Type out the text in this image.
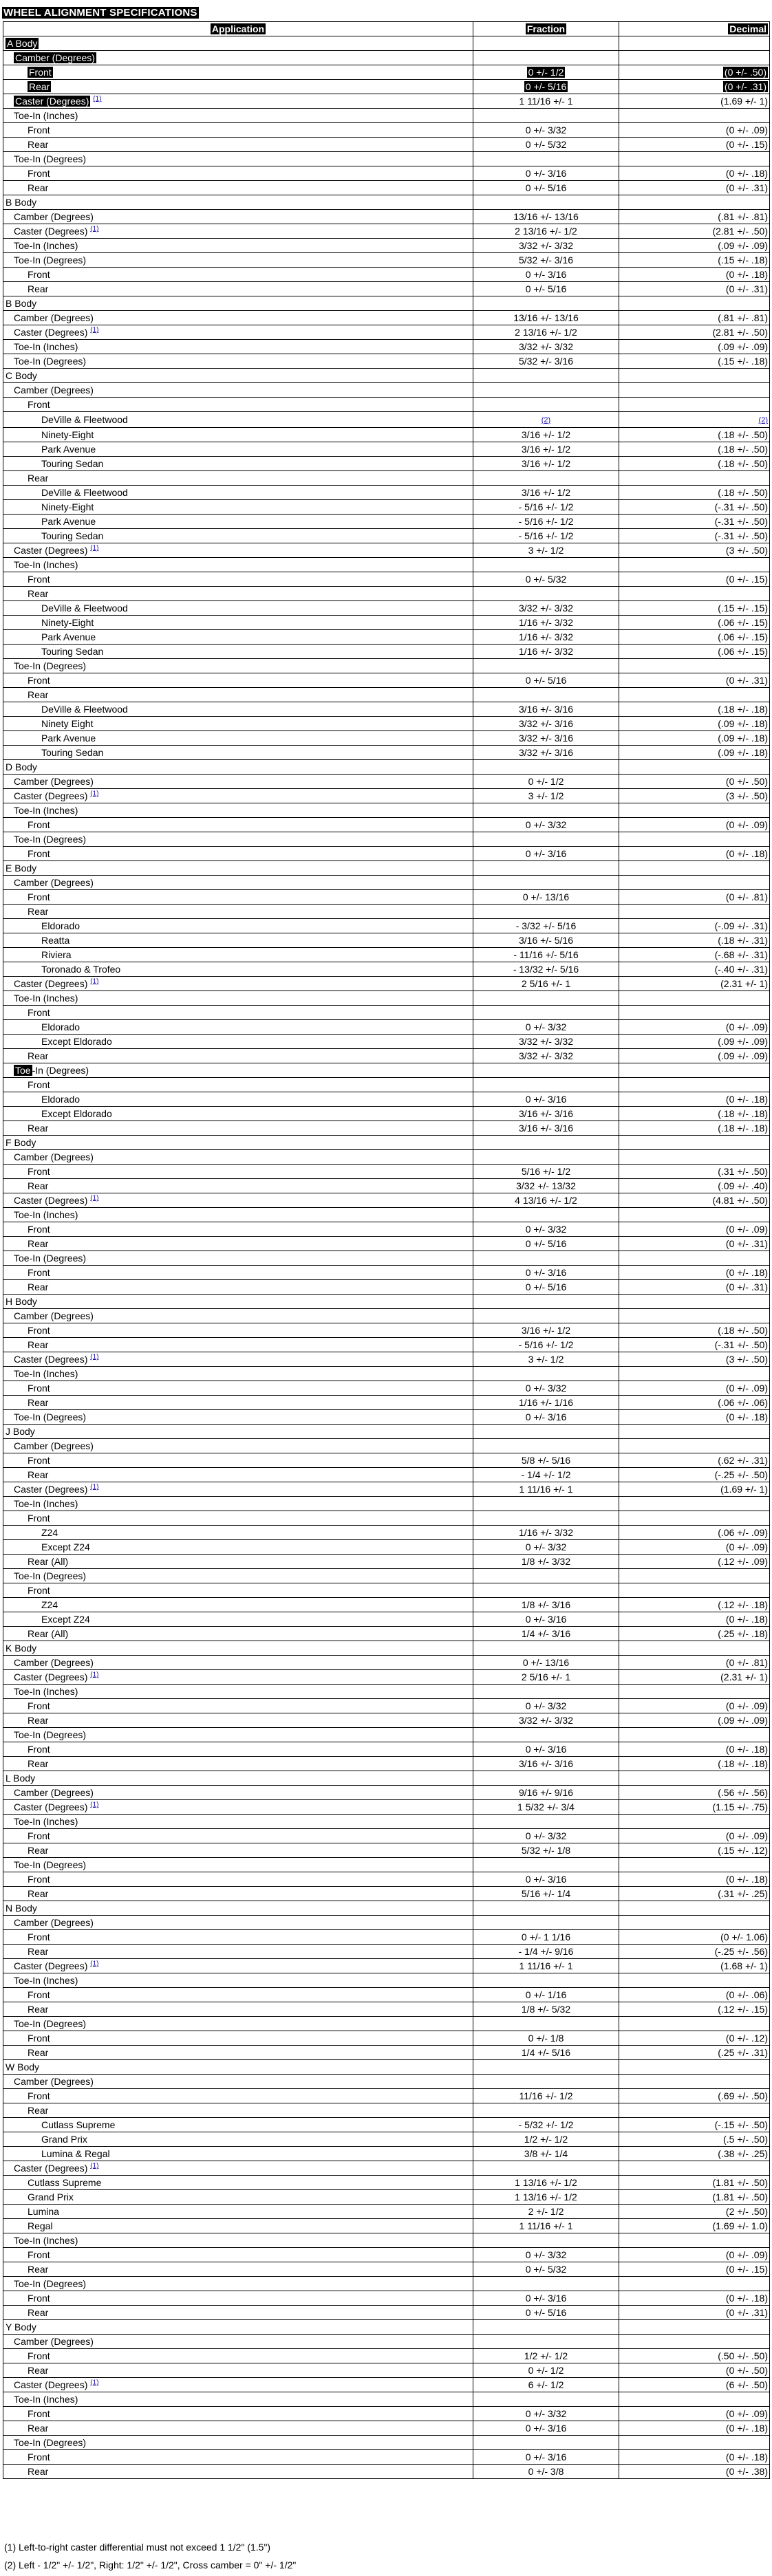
WHEEL ALIGNMENT SPECIFICATIONS
Application	Fraction	Decimal
A Body		
Camber (Degrees)		
Front	0 +/- 1/2	(0 +/- .50)
Rear	0 +/- 5/16	(0 +/- .31)
Caster (Degrees) $^{(1)}$	1 11/16 +/- 1	(1.69 +/- 1)
Toe-In (Inches)		
Front	0 +/- 3/32	(0 +/- .09)
Rear	0 +/- 5/32	(0 +/- .15)
Toe-In (Degrees)		
Front	0 +/- 3/16	(0 +/- .18)
Rear	0 +/- 5/16	(0 +/- .31)
B Body		
Camber (Degrees)	13/16 +/- 13/16	(.81 +/- .81)
Caster (Degrees) $^{(1)}$	2 13/16 +/- 1/2	(2.81 +/- .50)
Toe-In (Inches)	3/32 +/- 3/32	(.09 +/- .09)
Toe-In (Degrees)	5/32 +/- 3/16	(.15 +/- .18)
Front	0 +/- 3/16	(0 +/- .18)
Rear	0 +/- 5/16	(0 +/- .31)
B Body		
Camber (Degrees)	13/16 +/- 13/16	(.81 +/- .81)
Caster (Degrees) $^{(1)}$	2 13/16 +/- 1/2	(2.81 +/- .50)
Toe-In (Inches)	3/32 +/- 3/32	(.09 +/- .09)
Toe-In (Degrees)	5/32 +/- 3/16	(.15 +/- .18)
C Body		
Camber (Degrees)		
Front		
DeVille & Fleetwood	(2)	(2)
Ninety-Eight	3/16 +/- 1/2	(.18 +/- .50)
Park Avenue	3/16 +/- 1/2	(.18 +/- .50)
Touring Sedan	3/16 +/- 1/2	(.18 +/- .50)
Rear		
DeVille & Fleetwood	3/16 +/- 1/2	(.18 +/- .50)
Ninety-Eight	- 5/16 +/- 1/2	(-.31 +/- .50)
Park Avenue	- 5/16 +/- 1/2	(-.31 +/- .50)
Touring Sedan	- 5/16 +/- 1/2	(-.31 +/- .50)
Caster (Degrees) $^{(1)}$	3 +/- 1/2	(3 +/- .50)
Toe-In (Inches)		
Front	0 +/- 5/32	(0 +/- .15)
Rear		
DeVille & Fleetwood	3/32 +/- 3/32	(.15 +/- .15)
Ninety-Eight	1/16 +/- 3/32	(.06 +/- .15)
Park Avenue	1/16 +/- 3/32	(.06 +/- .15)
Touring Sedan	1/16 +/- 3/32	(.06 +/- .15)
Toe-In (Degrees)		
Front	0 +/- 5/16	(0 +/- .31)
Rear		
DeVille & Fleetwood	3/16 +/- 3/16	(.18 +/- .18)
Ninety Eight	3/32 +/- 3/16	(.09 +/- .18)
Park Avenue	3/32 +/- 3/16	(.09 +/- .18)
Touring Sedan	3/32 +/- 3/16	(.09 +/- .18)
D Body		
Camber (Degrees)	0 +/- 1/2	(0 +/- .50)
Caster (Degrees) $^{(1)}$	3 +/- 1/2	(3 +/- .50)
Toe-In (Inches)		
Front	0 +/- 3/32	(0 +/- .09)
Toe-In (Degrees)		
Front	0 +/- 3/16	(0 +/- .18)
E Body		
Camber (Degrees)		
Front	0 +/- 13/16	(0 +/- .81)
Rear		
Eldorado	- 3/32 +/- 5/16	(-.09 +/- .31)
Reatta	3/16 +/- 5/16	(.18 +/- .31)
Riviera	- 11/16 +/- 5/16	(-.68 +/- .31)
Toronado & Trofeo	- 13/32 +/- 5/16	(-.40 +/- .31)
Caster (Degrees) $^{(1)}$	2 5/16 +/- 1	(2.31 +/- 1)
Toe-In (Inches)		
Front		
Eldorado	0 +/- 3/32	(0 +/- .09)
Except Eldorado	3/32 +/- 3/32	(.09 +/- .09)
Rear	3/32 +/- 3/32	(.09 +/- .09)
Toe -In (Degrees)		
Front		
Eldorado	0 +/- 3/16	(0 +/- .18)
Except Eldorado	3/16 +/- 3/16	(.18 +/- .18)
Rear	3/16 +/- 3/16	(.18 +/- .18)
F Body		
Camber (Degrees)		
Front	5/16 +/- 1/2	(.31 +/- .50)
Rear	3/32 +/- 13/32	(.09 +/- .40)
Caster (Degrees) $^{(1)}$	4 13/16 +/- 1/2	(4.81 +/- .50)
Toe-In (Inches)		
Front	0 +/- 3/32	(0 +/- .09)
Rear	0 +/- 5/16	(0 +/- .31)
Toe-In (Degrees)		
Front	0 +/- 3/16	(0 +/- .18)
Rear	0 +/- 5/16	(0 +/- .31)
H Body		
Camber (Degrees)		
Front	3/16 +/- 1/2	(.18 +/- .50)
Rear	- 5/16 +/- 1/2	(-.31 +/- .50)
Caster (Degrees) $^{(1)}$	3 +/- 1/2	(3 +/- .50)
Toe-In (Inches)		
Front	0 +/- 3/32	(0 +/- .09)
Rear	1/16 +/- 1/16	(.06 +/- .06)
Toe-In (Degrees)	0 +/- 3/16	(0 +/- .18)
J Body		
Camber (Degrees)		
Front	5/8 +/- 5/16	(.62 +/- .31)
Rear	- 1/4 +/- 1/2	(-.25 +/- .50)
Caster (Degrees) $^{(1)}$	1 11/16 +/- 1	(1.69 +/- 1)
Toe-In (Inches)		
Front		
Z24	1/16 +/- 3/32	(.06 +/- .09)
Except Z24	0 +/- 3/32	(0 +/- .09)
Rear (All)	1/8 +/- 3/32	(.12 +/- .09)
Toe-In (Degrees)		
Front		
Z24	1/8 +/- 3/16	(.12 +/- .18)
Except Z24	0 +/- 3/16	(0 +/- .18)
Rear (All)	1/4 +/- 3/16	(.25 +/- .18)
K Body		
Camber (Degrees)	0 +/- 13/16	(0 +/- .81)
Caster (Degrees) $^{(1)}$	2 5/16 +/- 1	(2.31 +/- 1)
Toe-In (Inches)		
Front	0 +/- 3/32	(0 +/- .09)
Rear	3/32 +/- 3/32	(.09 +/- .09)
Toe-In (Degrees)		
Front	0 +/- 3/16	(0 +/- .18)
Rear	3/16 +/- 3/16	(.18 +/- .18)
L Body		
Camber (Degrees)	9/16 +/- 9/16	(.56 +/- .56)
Caster (Degrees) $^{(1)}$	1 5/32 +/- 3/4	(1.15 +/- .75)
Toe-In (Inches)		
Front	0 +/- 3/32	(0 +/- .09)
Rear	5/32 +/- 1/8	(.15 +/- .12)
Toe-In (Degrees)		
Front	0 +/- 3/16	(0 +/- .18)
Rear	5/16 +/- 1/4	(.31 +/- .25)
N Body		
Camber (Degrees)		
Front	0 +/- 1 1/16	(0 +/- 1.06)
Rear	- 1/4 +/- 9/16	(-.25 +/- .56)
Caster (Degrees) $^{(1)}$	1 11/16 +/- 1	(1.68 +/- 1)
Toe-In (Inches)		
Front	0 +/- 1/16	(0 +/- .06)
Rear	1/8 +/- 5/32	(.12 +/- .15)
Toe-In (Degrees)		
Front	0 +/- 1/8	(0 +/- .12)
Rear	1/4 +/- 5/16	(.25 +/- .31)
W Body		
Camber (Degrees)		
Front	11/16 +/- 1/2	(.69 +/- .50)
Rear		
Cutlass Supreme	- 5/32 +/- 1/2	(-.15 +/- .50)
Grand Prix	1/2 +/- 1/2	(.5 +/- .50)
Lumina & Regal	3/8 +/- 1/4	(.38 +/- .25)
Caster (Degrees) $^{(1)}$		
Cutlass Supreme	1 13/16 +/- 1/2	(1.81 +/- .50)
Grand Prix	1 13/16 +/- 1/2	(1.81 +/- .50)
Lumina	2 +/- 1/2	(2 +/- .50)
Regal	1 11/16 +/- 1	(1.69 +/- 1.0)
Toe-In (Inches)		
Front	0 +/- 3/32	(0 +/- .09)
Rear	0 +/- 5/32	(0 +/- .15)
Toe-In (Degrees)		
Front	0 +/- 3/16	(0 +/- .18)
Rear	0 +/- 5/16	(0 +/- .31)
Y Body		
Camber (Degrees)		
Front	1/2 +/- 1/2	(.50 +/- .50)
Rear	0 +/- 1/2	(0 +/- .50)
Caster (Degrees) $^{(1)}$	6 +/- 1/2	(6 +/- .50)
Toe-In (Inches)		
Front	0 +/- 3/32	(0 +/- .09)
Rear	0 +/- 3/16	(0 +/- .18)
Toe-In (Degrees)		
Front	0 +/- 3/16	(0 +/- .18)
Rear	0 +/- 3/8	(0 +/- .38)
(1) Left-to-right caster differential must not exceed 1 1/2" (1.5")
(2) Left - 1/2" +/- 1/2", Right: 1/2" +/- 1/2", Cross camber = 0" +/- 1/2"
